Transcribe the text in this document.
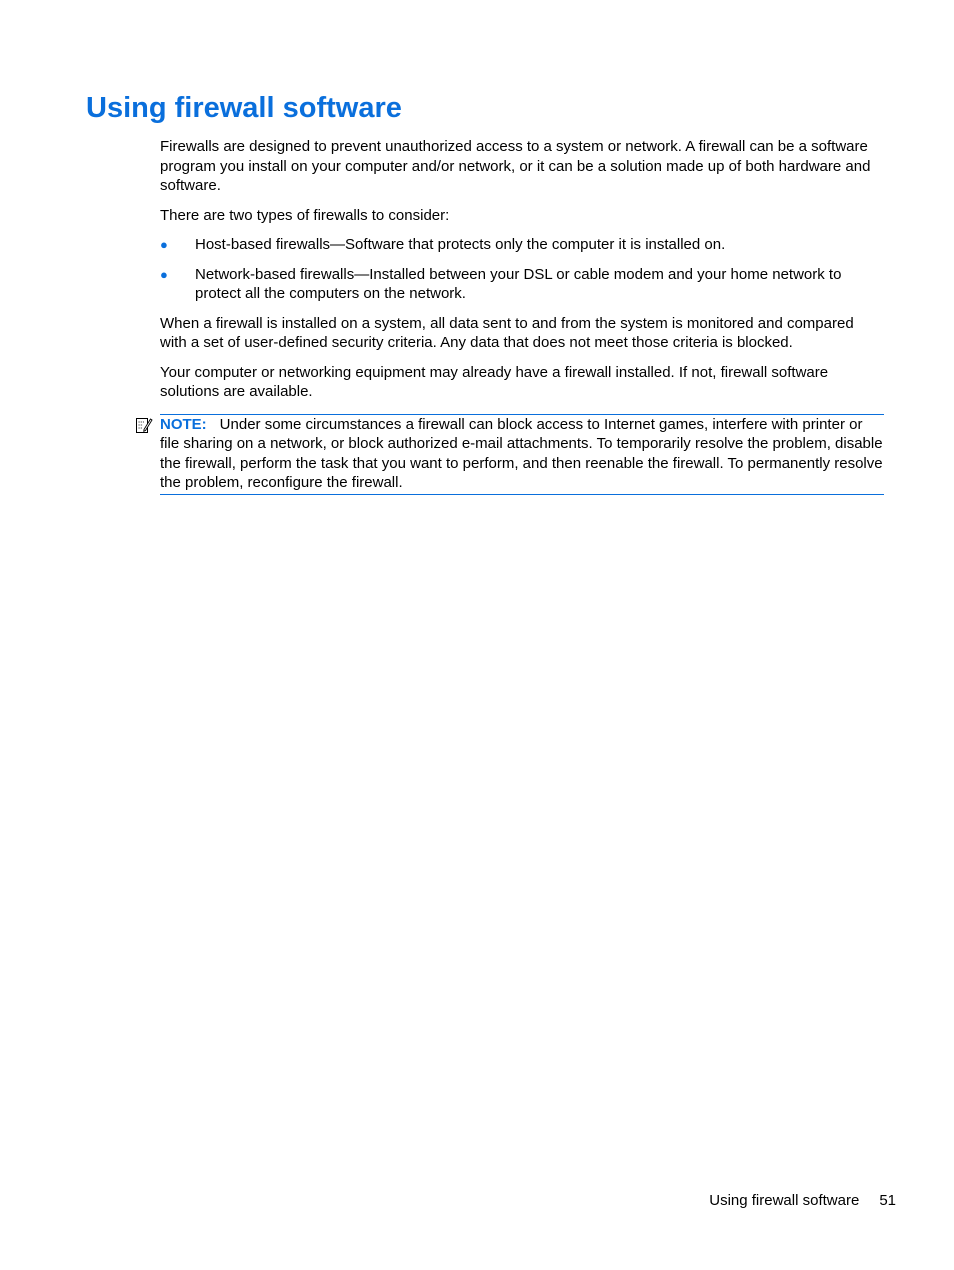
Using firewall software

Firewalls are designed to prevent unauthorized access to a system or network. A firewall can be a software program you install on your computer and/or network, or it can be a solution made up of both hardware and software.

There are two types of firewalls to consider:

● Host-based firewalls—Software that protects only the computer it is installed on.
● Network-based firewalls—Installed between your DSL or cable modem and your home network to protect all the computers on the network.

When a firewall is installed on a system, all data sent to and from the system is monitored and compared with a set of user-defined security criteria. Any data that does not meet those criteria is blocked.

Your computer or networking equipment may already have a firewall installed. If not, firewall software solutions are available.

NOTE: Under some circumstances a firewall can block access to Internet games, interfere with printer or file sharing on a network, or block authorized e-mail attachments. To temporarily resolve the problem, disable the firewall, perform the task that you want to perform, and then reenable the firewall. To permanently resolve the problem, reconfigure the firewall.
Using firewall software 51
